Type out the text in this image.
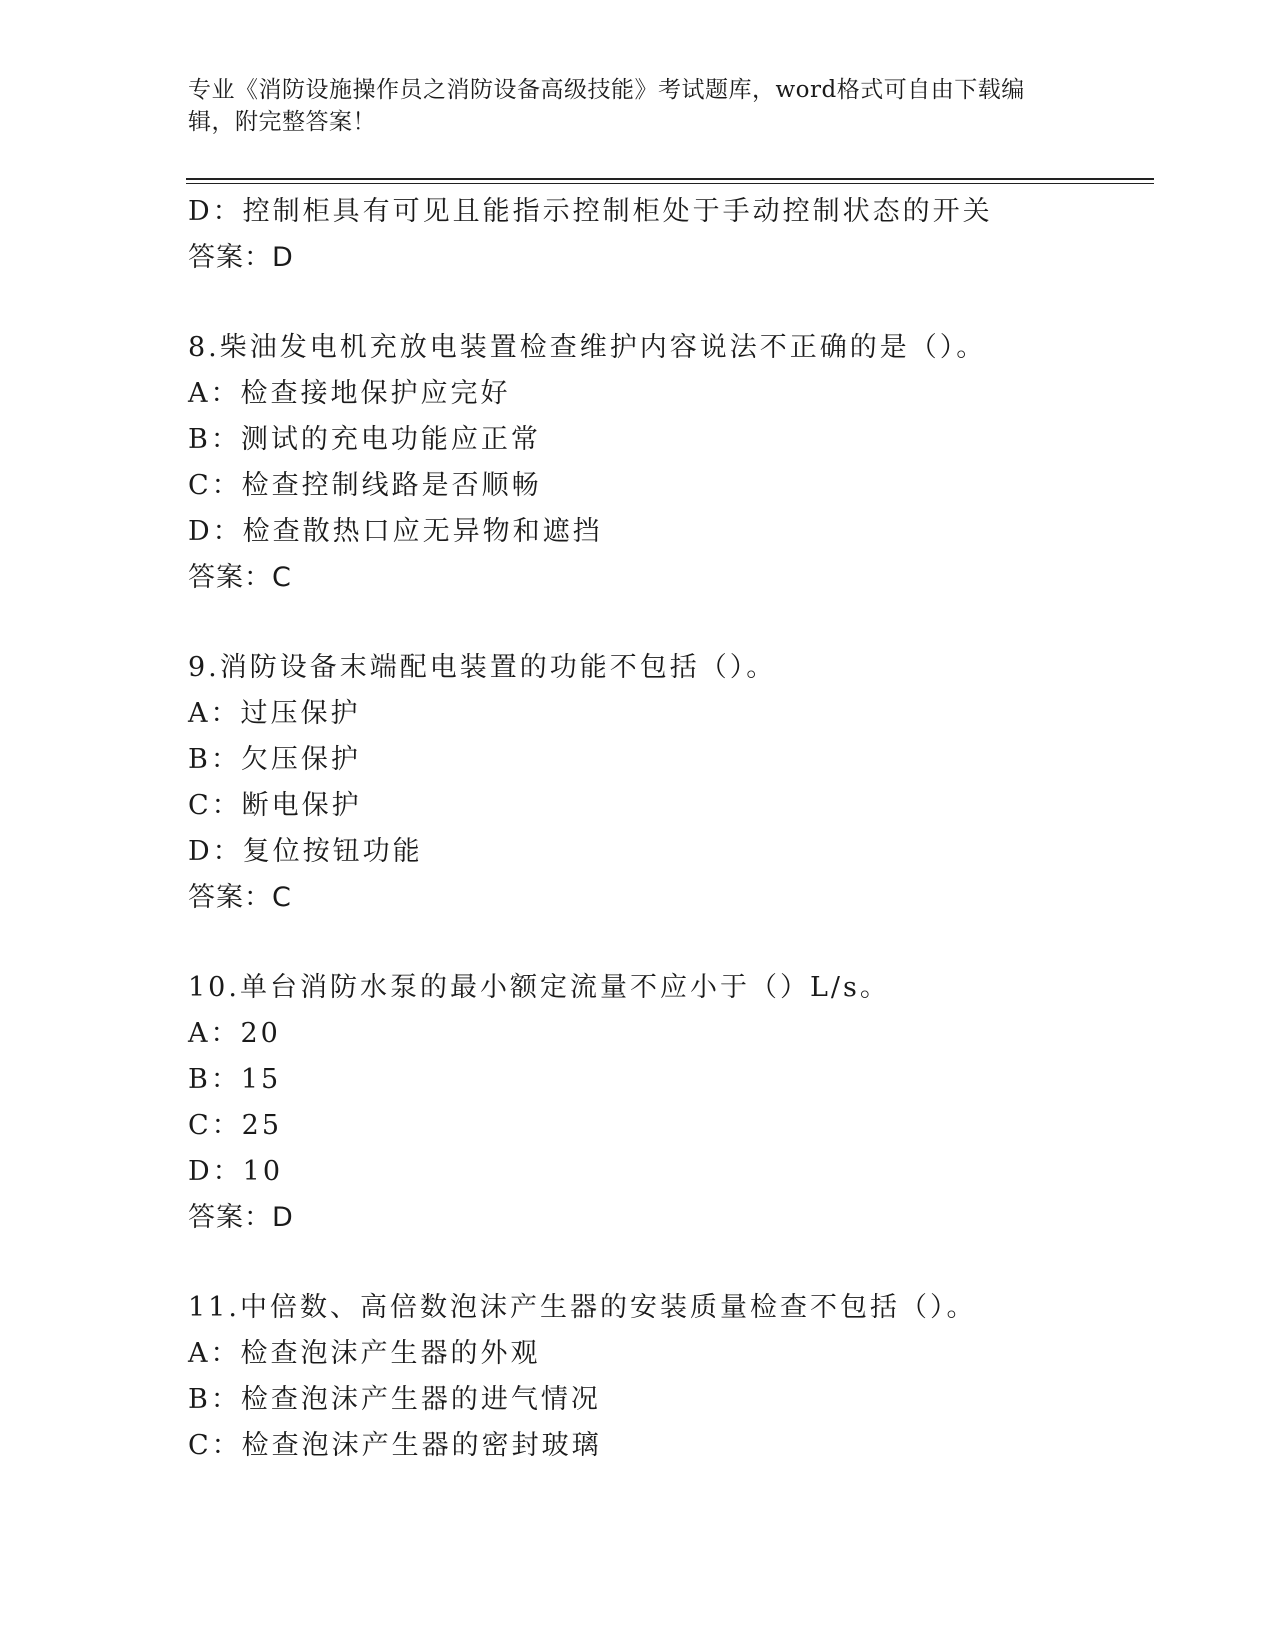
专业《消防设施操作员之消防设备高级技能》考试题库，word格式可自由下载编
辑，附完整答案！
D：控制柜具有可见且能指示控制柜处于手动控制状态的开关
答案：D
8.柴油发电机充放电装置检查维护内容说法不正确的是（）。
A：检查接地保护应完好
B：测试的充电功能应正常
C：检查控制线路是否顺畅
D：检查散热口应无异物和遮挡
答案：C
9.消防设备末端配电装置的功能不包括（）。
A：过压保护
B：欠压保护
C：断电保护
D：复位按钮功能
答案：C
10.单台消防水泵的最小额定流量不应小于（）L/s。
A：20
B：15
C：25
D：10
答案：D
11.中倍数、高倍数泡沫产生器的安装质量检查不包括（）。
A：检查泡沫产生器的外观
B：检查泡沫产生器的进气情况
C：检查泡沫产生器的密封玻璃
